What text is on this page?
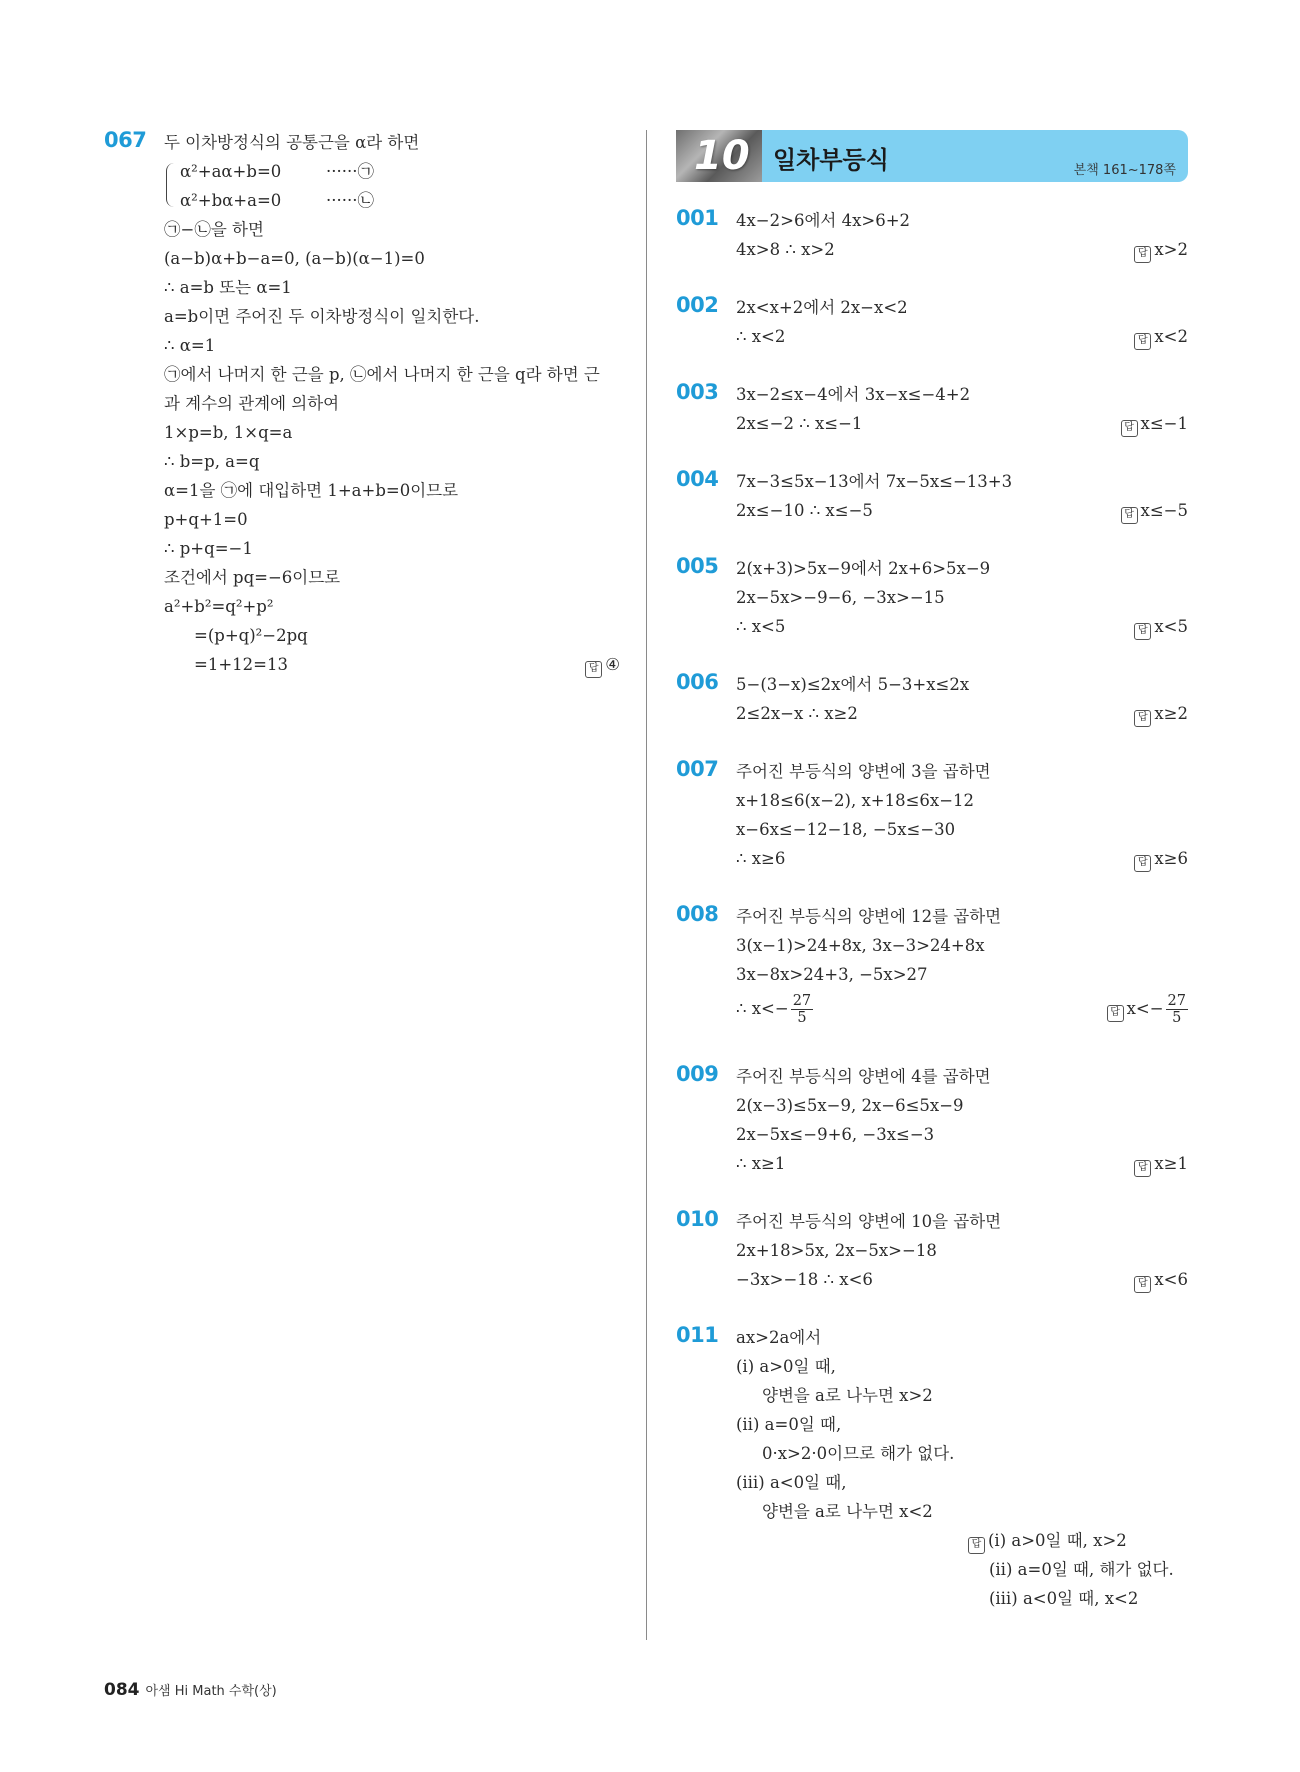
067 두 이차방정식의 공통근을 α라 하면
α²+aα+b=0	······㉠
α²+bα+a=0	······㉡
㉠−㉡을 하면
(a−b)α+b−a=0, (a−b)(α−1)=0
∴ a=b 또는 α=1
a=b이면 주어진 두 이차방정식이 일치한다.
∴ α=1
㉠에서 나머지 한 근을 p, ㉡에서 나머지 한 근을 q라 하면 근
과 계수의 관계에 의하여
1×p=b, 1×q=a
∴ b=p, a=q
α=1을 ㉠에 대입하면 1+a+b=0이므로
p+q+1=0
∴ p+q=−1
조건에서 pq=−6이므로
a²+b²=q²+p²
=(p+q)²−2pq
=1+12=13	답 ④
10 일차부등식	본책 161~178쪽
001 4x−2>6에서 4x>6+2
4x>8 ∴ x>2	답 x>2
002 2x<x+2에서 2x−x<2
∴ x<2	답 x<2
003 3x−2≤x−4에서 3x−x≤−4+2
2x≤−2 ∴ x≤−1	답 x≤−1
004 7x−3≤5x−13에서 7x−5x≤−13+3
2x≤−10 ∴ x≤−5	답 x≤−5
005 2(x+3)>5x−9에서 2x+6>5x−9
2x−5x>−9−6, −3x>−15
∴ x<5	답 x<5
006 5−(3−x)≤2x에서 5−3+x≤2x
2≤2x−x ∴ x≥2	답 x≥2
007 주어진 부등식의 양변에 3을 곱하면
x+18≤6(x−2), x+18≤6x−12
x−6x≤−12−18, −5x≤−30
∴ x≥6	답 x≥6
008 주어진 부등식의 양변에 12를 곱하면
3(x−1)>24+8x, 3x−3>24+8x
3x−8x>24+3, −5x>27
∴ $x<- \frac{27}{5}$	답 $x<- \frac{27}{5}$
009 주어진 부등식의 양변에 4를 곱하면
2(x−3)≤5x−9, 2x−6≤5x−9
2x−5x≤−9+6, −3x≤−3
∴ x≥1	답 x≥1
010 주어진 부등식의 양변에 10을 곱하면
2x+18>5x, 2x−5x>−18
−3x>−18 ∴ x<6	답 x<6
011 ax>2a에서
(ⅰ) a>0일 때,
양변을 a로 나누면 x>2
(ⅱ) a=0일 때,
0·x>2·0이므로 해가 없다.
(ⅲ) a<0일 때,
양변을 a로 나누면 x<2
답 (ⅰ) a>0일 때, x>2
(ⅱ) a=0일 때, 해가 없다.
(ⅲ) a<0일 때, x<2
084 아샘 Hi Math 수학(상)
